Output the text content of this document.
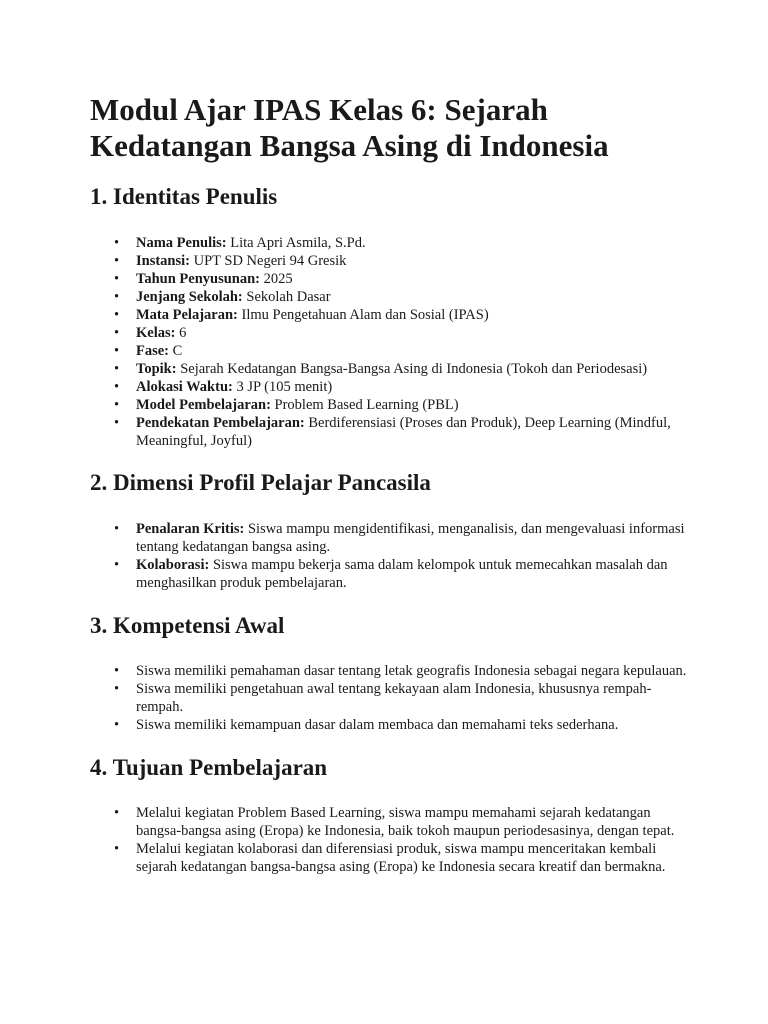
Modul Ajar IPAS Kelas 6: Sejarah Kedatangan Bangsa Asing di Indonesia
1. Identitas Penulis
• Nama Penulis: Lita Apri Asmila, S.Pd.
• Instansi: UPT SD Negeri 94 Gresik
• Tahun Penyusunan: 2025
• Jenjang Sekolah: Sekolah Dasar
• Mata Pelajaran: Ilmu Pengetahuan Alam dan Sosial (IPAS)
• Kelas: 6
• Fase: C
• Topik: Sejarah Kedatangan Bangsa-Bangsa Asing di Indonesia (Tokoh dan Periodesasi)
• Alokasi Waktu: 3 JP (105 menit)
• Model Pembelajaran: Problem Based Learning (PBL)
• Pendekatan Pembelajaran: Berdiferensiasi (Proses dan Produk), Deep Learning (Mindful, Meaningful, Joyful)
2. Dimensi Profil Pelajar Pancasila
• Penalaran Kritis: Siswa mampu mengidentifikasi, menganalisis, dan mengevaluasi informasi tentang kedatangan bangsa asing.
• Kolaborasi: Siswa mampu bekerja sama dalam kelompok untuk memecahkan masalah dan menghasilkan produk pembelajaran.
3. Kompetensi Awal
• Siswa memiliki pemahaman dasar tentang letak geografis Indonesia sebagai negara kepulauan.
• Siswa memiliki pengetahuan awal tentang kekayaan alam Indonesia, khususnya rempah-rempah.
• Siswa memiliki kemampuan dasar dalam membaca dan memahami teks sederhana.
4. Tujuan Pembelajaran
• Melalui kegiatan Problem Based Learning, siswa mampu memahami sejarah kedatangan bangsa-bangsa asing (Eropa) ke Indonesia, baik tokoh maupun periodesasinya, dengan tepat.
• Melalui kegiatan kolaborasi dan diferensiasi produk, siswa mampu menceritakan kembali sejarah kedatangan bangsa-bangsa asing (Eropa) ke Indonesia secara kreatif dan bermakna.
